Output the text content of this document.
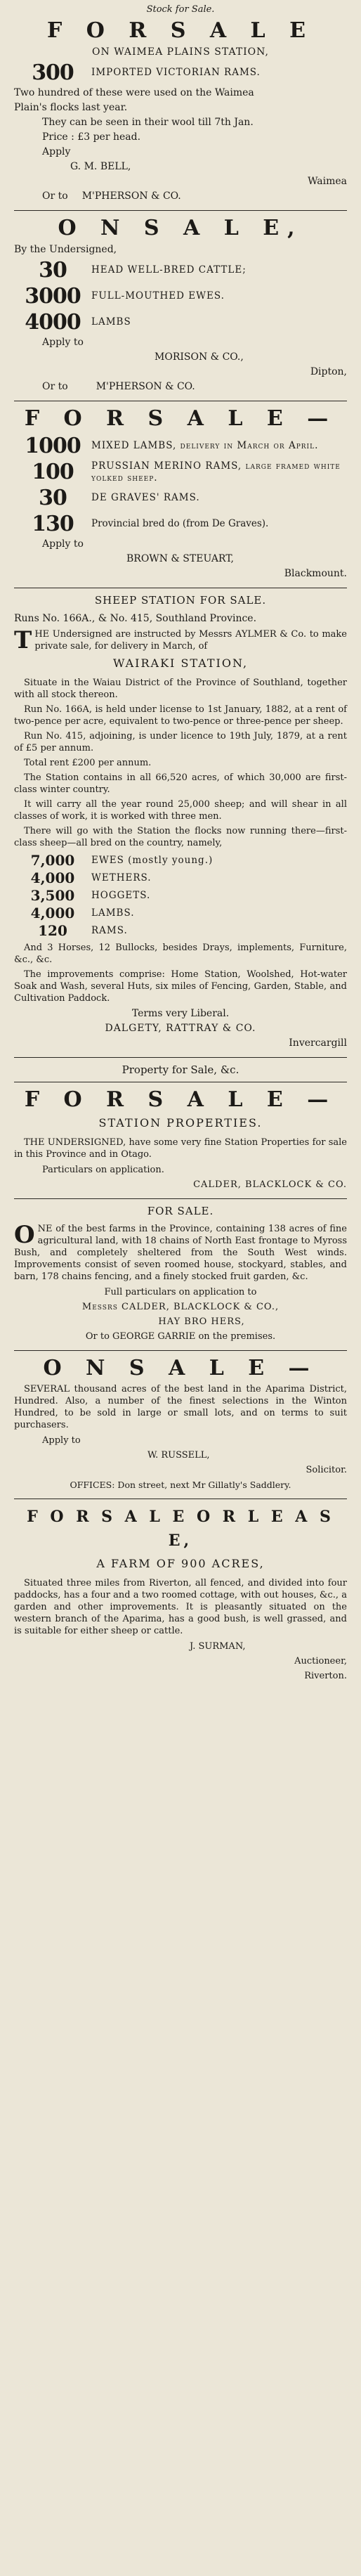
Stock for Sale.
F O R S A L E
ON WAIMEA PLAINS STATION,
300	IMPORTED VICTORIAN RAMS.
Two hundred of these were used on the Waimea
Plain's flocks last year.
They can be seen in their wool till 7th Jan.
Price : £3 per head.
Apply
G. M. BELL,
Waimea
Or to M'PHERSON & CO.
O N S A L E,
By the Undersigned,
30	HEAD WELL-BRED CATTLE;
3000	FULL-MOUTHED EWES.
4000	LAMBS
Apply to
MORISON & CO.,
Dipton,
Or to	M'PHERSON & CO.
F O R S A L E —
1000	MIXED LAMBS, delivery in March or April.
100	PRUSSIAN MERINO RAMS, large framed white yolked sheep.
30	DE GRAVES' RAMS.
130	Provincial bred do (from De Graves).
Apply to
BROWN & STEUART,
Blackmount.
SHEEP STATION FOR SALE.
Runs No. 166A., & No. 415, Southland Province.
THE Undersigned are instructed by Messrs AYLMER & Co. to make private sale, for delivery in March, of
WAIRAKI STATION,
Situate in the Waiau District of the Province of Southland, together with all stock thereon.
Run No. 166A, is held under license to 1st January, 1882, at a rent of two-pence per acre, equivalent to two-pence or three-pence per sheep.
Run No. 415, adjoining, is under licence to 19th July, 1879, at a rent of £5 per annum.
Total rent £200 per annum.
The Station contains in all 66,520 acres, of which 30,000 are first-class winter country.
It will carry all the year round 25,000 sheep; and will shear in all classes of work, it is worked with three men.
There will go with the Station the flocks now running there—first-class sheep—all bred on the country, namely,
7,000	EWES (mostly young.)
4,000	WETHERS.
3,500	HOGGETS.
4,000	LAMBS.
120	RAMS.
And 3 Horses, 12 Bullocks, besides Drays, implements, Furniture, &c., &c.
The improvements comprise: Home Station, Woolshed, Hot-water Soak and Wash, several Huts, six miles of Fencing, Garden, Stable, and Cultivation Paddock.
Terms very Liberal.
DALGETY, RATTRAY & CO.
Invercargill
Property for Sale, &c.
F O R S A L E —
STATION PROPERTIES.
THE UNDERSIGNED, have some very fine Station Properties for sale in this Province and in Otago.
Particulars on application.
CALDER, BLACKLOCK & CO.
FOR SALE.
ONE of the best farms in the Province, containing 138 acres of fine agricultural land, with 18 chains of North East frontage to Myross Bush, and completely sheltered from the South West winds. Improvements consist of seven roomed house, stockyard, stables, and barn, 178 chains fencing, and a finely stocked fruit garden, &c.
Full particulars on application to
Messrs CALDER, BLACKLOCK & CO.,
HAY BRO HERS,
Or to GEORGE GARRIE on the premises.
O N S A L E —
SEVERAL thousand acres of the best land in the Aparima District, Hundred. Also, a number of the finest selections in the Winton Hundred, to be sold in large or small lots, and on terms to suit purchasers.
Apply to
W. RUSSELL,
Solicitor.
OFFICES: Don street, next Mr Gillatly's Saddlery.
F O R S A L E O R L E A S E,
A FARM OF 900 ACRES,
Situated three miles from Riverton, all fenced, and divided into four paddocks, has a four and a two roomed cottage, with out houses, &c., a garden and other improvements. It is pleasantly situated on the western branch of the Aparima, has a good bush, is well grassed, and is suitable for either sheep or cattle.
J. SURMAN,
Auctioneer,
Riverton.
